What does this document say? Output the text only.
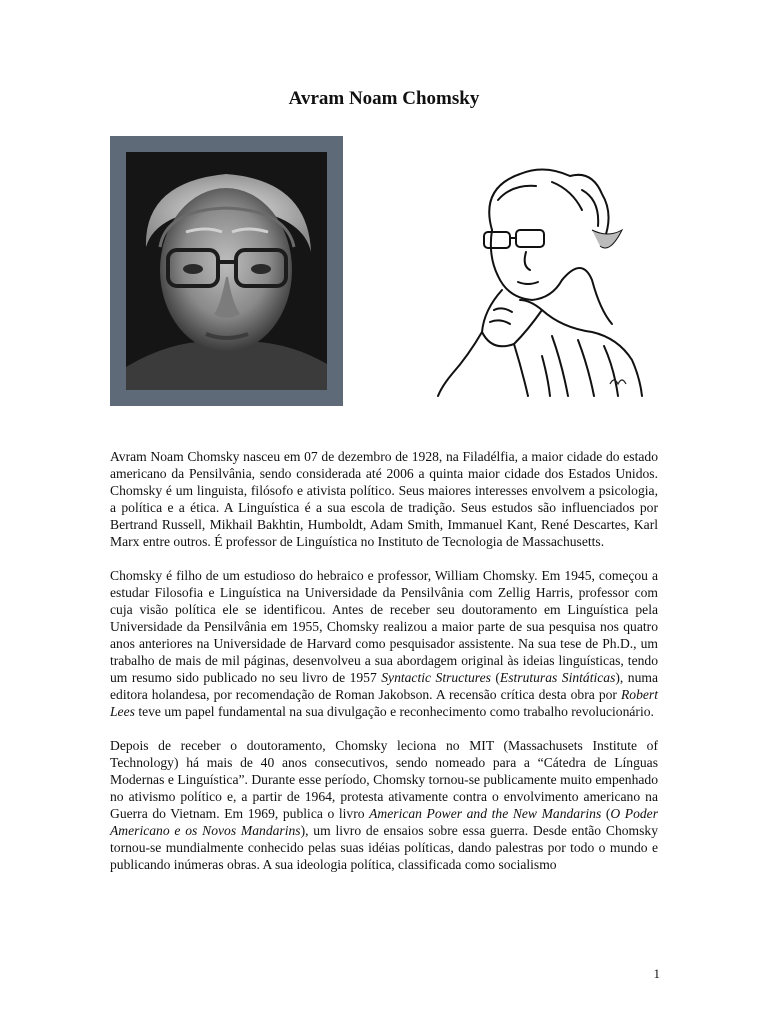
Avram Noam Chomsky

Avram Noam Chomsky nasceu em 07 de dezembro de 1928, na Filadélfia, a maior cidade do estado americano da Pensilvânia, sendo considerada até 2006 a quinta maior cidade dos Estados Unidos. Chomsky é um linguista, filósofo e ativista político. Seus maiores interesses envolvem a psicologia, a política e a ética. A Linguística é a sua escola de tradição. Seus estudos são influenciados por Bertrand Russell, Mikhail Bakhtin, Humboldt, Adam Smith, Immanuel Kant, René Descartes, Karl Marx entre outros. É professor de Linguística no Instituto de Tecnologia de Massachusetts.

Chomsky é filho de um estudioso do hebraico e professor, William Chomsky. Em 1945, começou a estudar Filosofia e Linguística na Universidade da Pensilvânia com Zellig Harris, professor com cuja visão política ele se identificou. Antes de receber seu doutoramento em Linguística pela Universidade da Pensilvânia em 1955, Chomsky realizou a maior parte de sua pesquisa nos quatro anos anteriores na Universidade de Harvard como pesquisador assistente. Na sua tese de Ph.D., um trabalho de mais de mil páginas, desenvolveu a sua abordagem original às ideias linguísticas, tendo um resumo sido publicado no seu livro de 1957 Syntactic Structures (Estruturas Sintáticas), numa editora holandesa, por recomendação de Roman Jakobson. A recensão crítica desta obra por Robert Lees teve um papel fundamental na sua divulgação e reconhecimento como trabalho revolucionário.

Depois de receber o doutoramento, Chomsky leciona no MIT (Massachusets Institute of Technology) há mais de 40 anos consecutivos, sendo nomeado para a “Cátedra de Línguas Modernas e Linguística”. Durante esse período, Chomsky tornou-se publicamente muito empenhado no ativismo político e, a partir de 1964, protesta ativamente contra o envolvimento americano na Guerra do Vietnam. Em 1969, publica o livro American Power and the New Mandarins (O Poder Americano e os Novos Mandarins), um livro de ensaios sobre essa guerra. Desde então Chomsky tornou-se mundialmente conhecido pelas suas idéias políticas, dando palestras por todo o mundo e publicando inúmeras obras. A sua ideologia política, classificada como socialismo

1
